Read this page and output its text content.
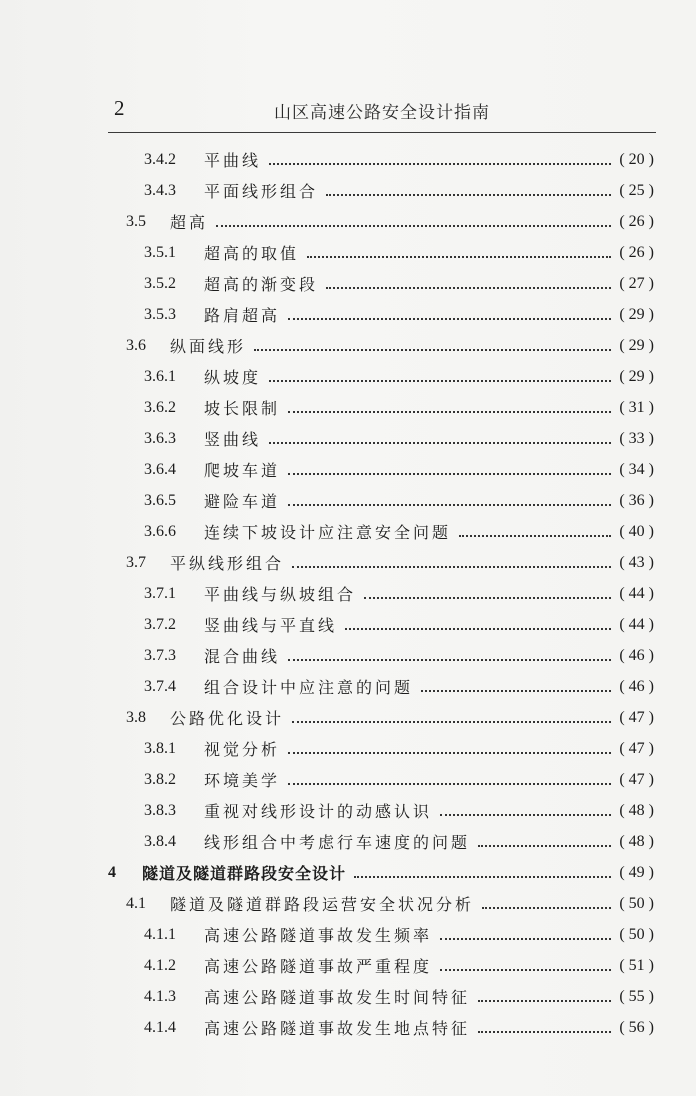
2	山区高速公路安全设计指南
3.4.2	平曲线	( 20 )
3.4.3	平面线形组合	( 25 )
3.5	超高	( 26 )
3.5.1	超高的取值	( 26 )
3.5.2	超高的渐变段	( 27 )
3.5.3	路肩超高	( 29 )
3.6	纵面线形	( 29 )
3.6.1	纵坡度	( 29 )
3.6.2	坡长限制	( 31 )
3.6.3	竖曲线	( 33 )
3.6.4	爬坡车道	( 34 )
3.6.5	避险车道	( 36 )
3.6.6	连续下坡设计应注意安全问题	( 40 )
3.7	平纵线形组合	( 43 )
3.7.1	平曲线与纵坡组合	( 44 )
3.7.2	竖曲线与平直线	( 44 )
3.7.3	混合曲线	( 46 )
3.7.4	组合设计中应注意的问题	( 46 )
3.8	公路优化设计	( 47 )
3.8.1	视觉分析	( 47 )
3.8.2	环境美学	( 47 )
3.8.3	重视对线形设计的动感认识	( 48 )
3.8.4	线形组合中考虑行车速度的问题	( 48 )
4	隧道及隧道群路段安全设计	( 49 )
4.1	隧道及隧道群路段运营安全状况分析	( 50 )
4.1.1	高速公路隧道事故发生频率	( 50 )
4.1.2	高速公路隧道事故严重程度	( 51 )
4.1.3	高速公路隧道事故发生时间特征	( 55 )
4.1.4	高速公路隧道事故发生地点特征	( 56 )
